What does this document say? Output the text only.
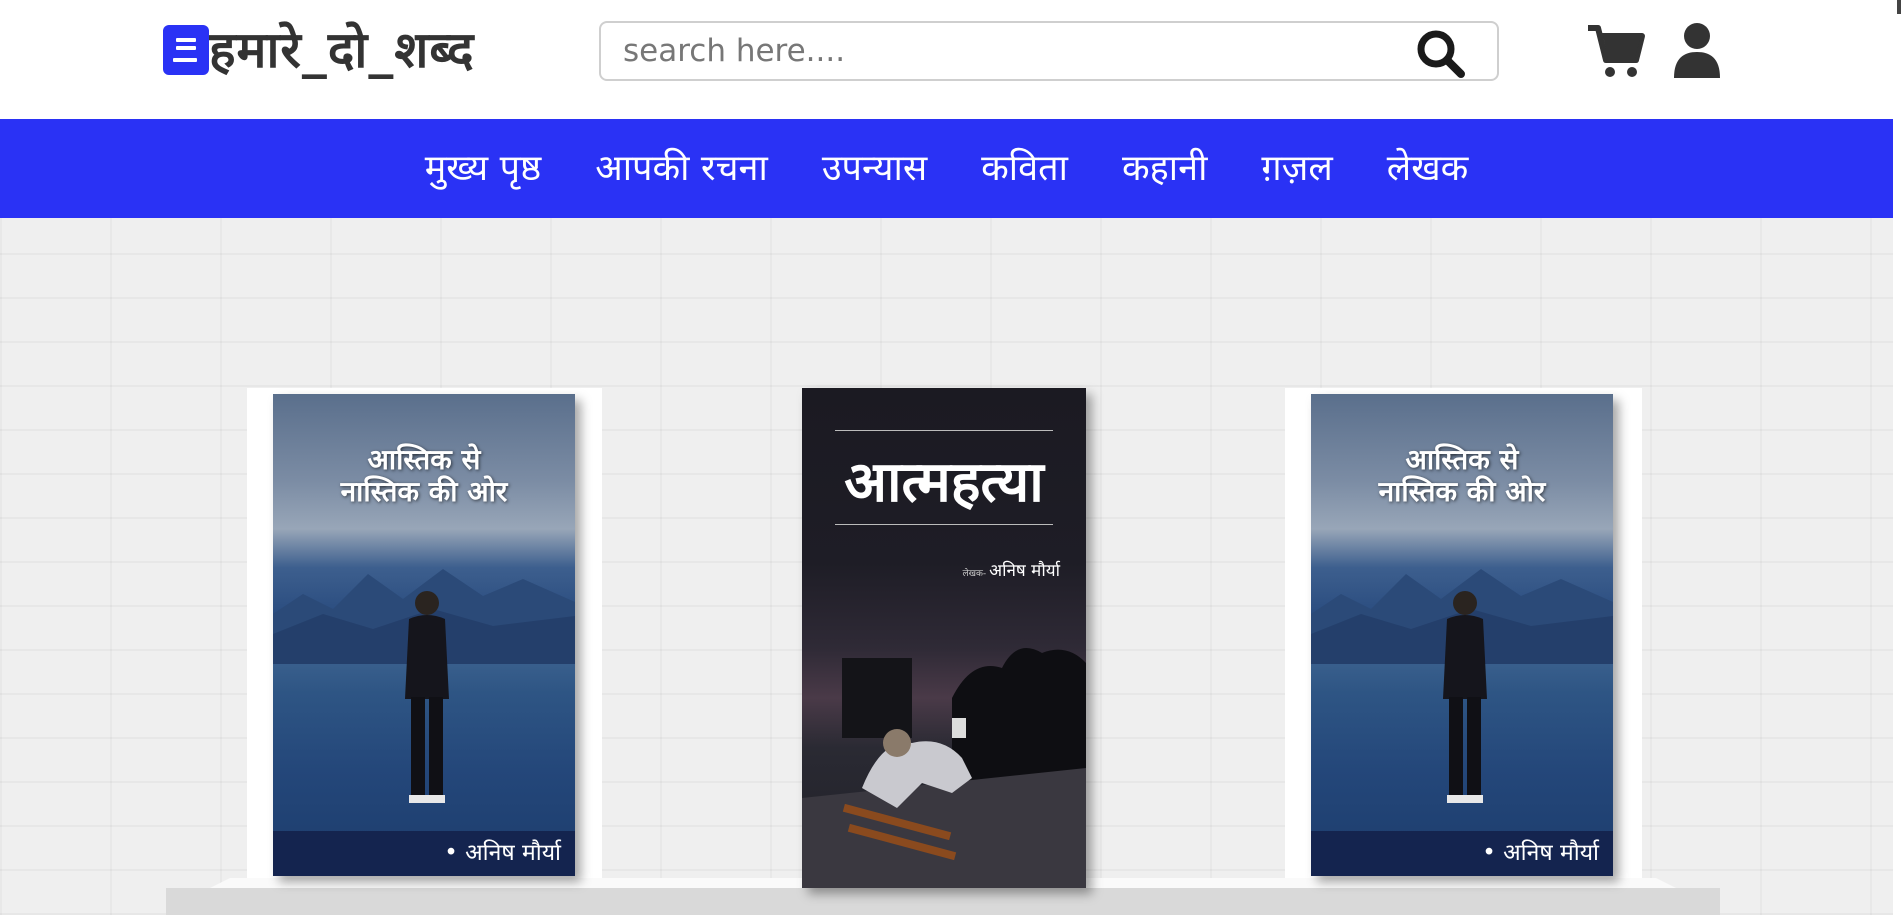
हमारे_दो_शब्द
search here....
मुख्य पृष्ठ आपकी रचना उपन्यास कविता कहानी ग़ज़ल लेखक
आस्तिक से
नास्तिक की ओर
• अनिष मौर्या
आत्महत्या
लेखक- अनिष मौर्या
आस्तिक से
नास्तिक की ओर
• अनिष मौर्या
